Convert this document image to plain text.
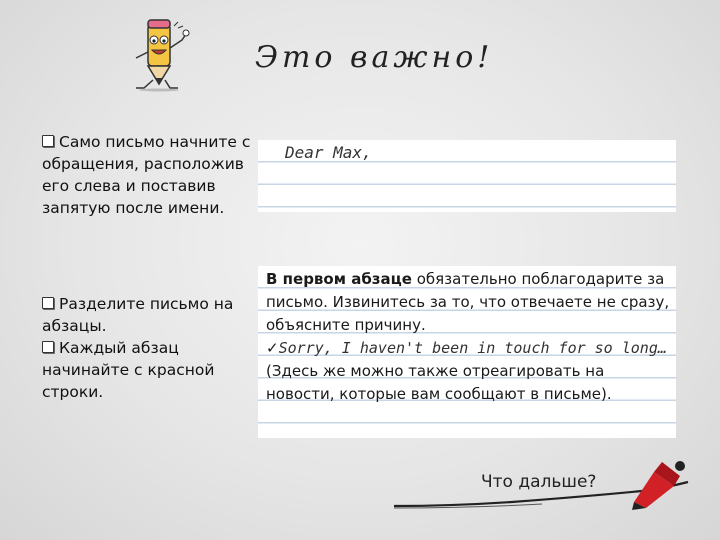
Это важно!
Само письмо начните с обращения, расположив его слева и поставив запятую после имени.
Разделите письмо на абзацы.
Каждый абзац начинайте с красной строки.
Dear Max,
В первом абзаце обязательно поблагодарите за письмо. Извинитесь за то, что отвечаете не сразу, объясните причину.
✓Sorry, I haven't been in touch for so long…
(Здесь же можно также отреагировать на новости, которые вам сообщают в письме).
Что дальше?
